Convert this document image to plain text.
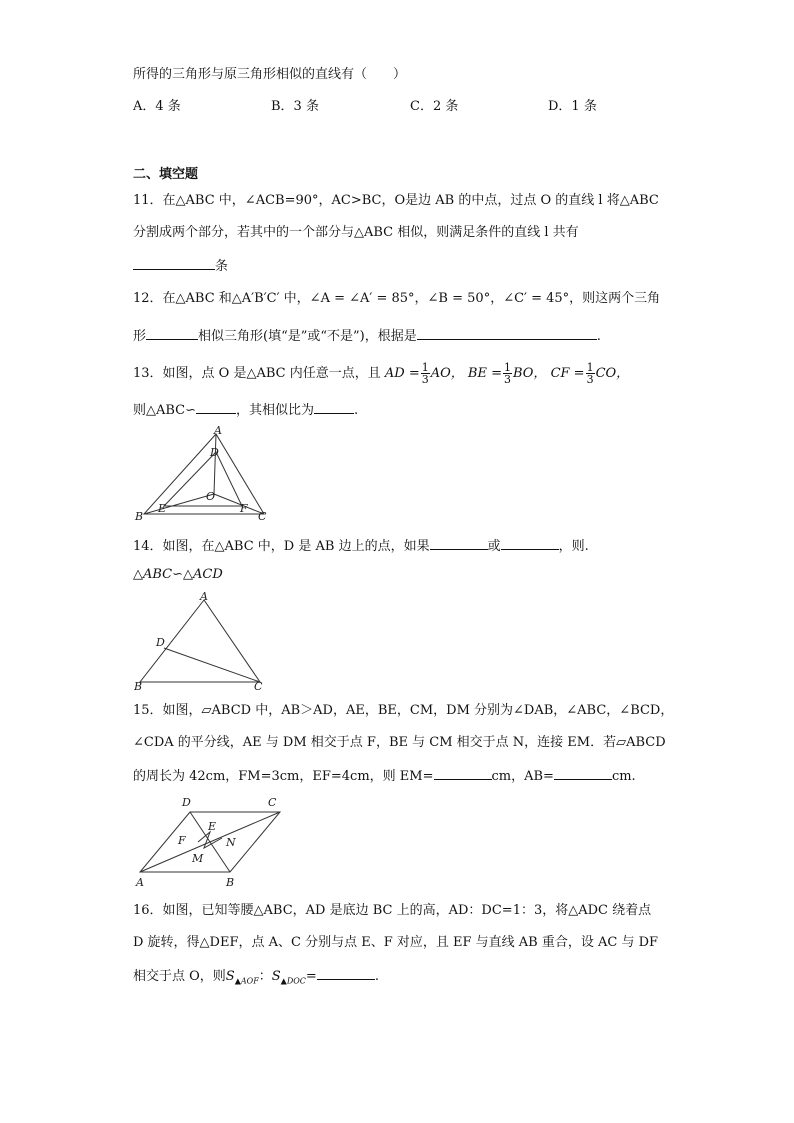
所得的三角形与原三角形相似的直线有（　　）
A．4 条	B．3 条	C．2 条	D．1 条
二、填空题
11．在△ABC 中，∠ACB=90°，AC>BC，O是边 AB 的中点，过点 O 的直线 l 将△ABC
分割成两个部分，若其中的一个部分与△ABC 相似，则满足条件的直线 l 共有
条
12．在△ABC 和△A′B′C′ 中，∠A = ∠A′ = 85°，∠B = 50°，∠C′ = 45°，则这两个三角
形	相似三角形(填“是”或“不是”)，根据是	.
13．如图，点 O 是△ABC 内任意一点，且 AD = $\frac{1}{3}$ AO， BE = $\frac{1}{3}$ BO， CF = $\frac{1}{3}$ CO，
则△ABC∽	，其相似比为	.
A
B	C
D
E	F
O
14．如图，在△ABC 中，D 是 AB 边上的点，如果	或	，则.
△ABC∽△ACD
A
B	C
D
15．如图，▱ABCD 中，AB＞AD，AE，BE，CM，DM 分别为∠DAB，∠ABC，∠BCD，
∠CDA 的平分线，AE 与 DM 相交于点 F，BE 与 CM 相交于点 N，连接 EM．若▱ABCD
的周长为 42cm，FM=3cm，EF=4cm，则 EM=	cm，AB=	cm.
A	B
C
D
E
F
M
N
16．如图，已知等腰△ABC，AD 是底边 BC 上的高，AD：DC=1：3，将△ADC 绕着点
D 旋转，得△DEF，点 A、C 分别与点 E、F 对应，且 EF 与直线 AB 重合，设 AC 与 DF
相交于点 O，则$S_{▲AOF}$：$S_{▲DOC}=$	.
